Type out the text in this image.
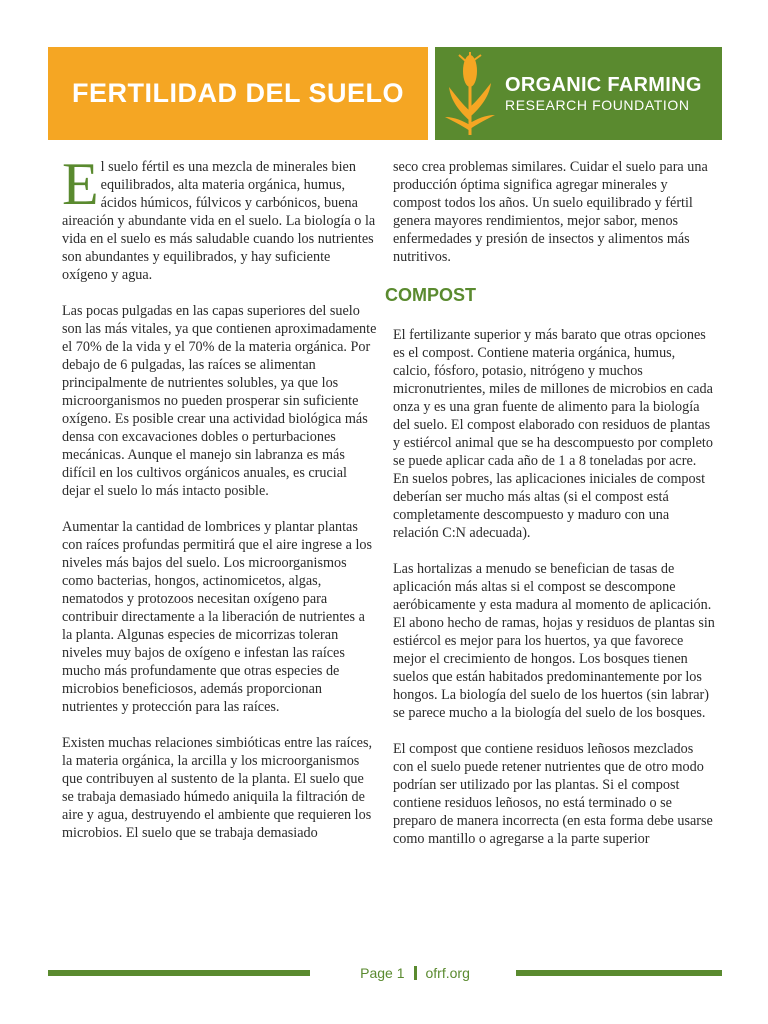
FERTILIDAD DEL SUELO	ORGANIC FARMING
RESEARCH FOUNDATION

El suelo fértil es una mezcla de minerales bien equilibrados, alta materia orgánica, humus, ácidos húmicos, fúlvicos y carbónicos, buena aireación y abundante vida en el suelo. La biología o la vida en el suelo es más saludable cuando los nutrientes son abundantes y equilibrados, y hay suficiente oxígeno y agua.

Las pocas pulgadas en las capas superiores del suelo son las más vitales, ya que contienen aproximadamente el 70% de la vida y el 70% de la materia orgánica. Por debajo de 6 pulgadas, las raíces se alimentan principalmente de nutrientes solubles, ya que los microorganismos no pueden prosperar sin suficiente oxígeno. Es posible crear una actividad biológica más densa con excavaciones dobles o perturbaciones mecánicas. Aunque el manejo sin labranza es más difícil en los cultivos orgánicos anuales, es crucial dejar el suelo lo más intacto posible.

Aumentar la cantidad de lombrices y plantar plantas con raíces profundas permitirá que el aire ingrese a los niveles más bajos del suelo. Los microorganismos como bacterias, hongos, actinomicetos, algas, nematodos y protozoos necesitan oxígeno para contribuir directamente a la liberación de nutrientes a la planta. Algunas especies de micorrizas toleran niveles muy bajos de oxígeno e infestan las raíces mucho más profundamente que otras especies de microbios beneficiosos, además proporcionan nutrientes y protección para las raíces.

Existen muchas relaciones simbióticas entre las raíces, la materia orgánica, la arcilla y los microorganismos que contribuyen al sustento de la planta. El suelo que se trabaja demasiado húmedo aniquila la filtración de aire y agua, destruyendo el ambiente que requieren los microbios. El suelo que se trabaja demasiado

seco crea problemas similares. Cuidar el suelo para una producción óptima significa agregar minerales y compost todos los años. Un suelo equilibrado y fértil genera mayores rendimientos, mejor sabor, menos enfermedades y presión de insectos y alimentos más nutritivos.

COMPOST

El fertilizante superior y más barato que otras opciones es el compost. Contiene materia orgánica, humus, calcio, fósforo, potasio, nitrógeno y muchos micronutrientes, miles de millones de microbios en cada onza y es una gran fuente de alimento para la biología del suelo. El compost elaborado con residuos de plantas y estiércol animal que se ha descompuesto por completo se puede aplicar cada año de 1 a 8 toneladas por acre. En suelos pobres, las aplicaciones iniciales de compost deberían ser mucho más altas (si el compost está completamente descompuesto y maduro con una relación C:N adecuada).

Las hortalizas a menudo se benefician de tasas de aplicación más altas si el compost se descompone aeróbicamente y esta madura al momento de aplicación. El abono hecho de ramas, hojas y residuos de plantas sin estiércol es mejor para los huertos, ya que favorece mejor el crecimiento de hongos. Los bosques tienen suelos que están habitados predominantemente por los hongos. La biología del suelo de los huertos (sin labrar) se parece mucho a la biología del suelo de los bosques.

El compost que contiene residuos leñosos mezclados con el suelo puede retener nutrientes que de otro modo podrían ser utilizado por las plantas. Si el compost contiene residuos leñosos, no está terminado o se preparo de manera incorrecta (en esta forma debe usarse como mantillo o agregarse a la parte superior

Page 1 ofrf.org
